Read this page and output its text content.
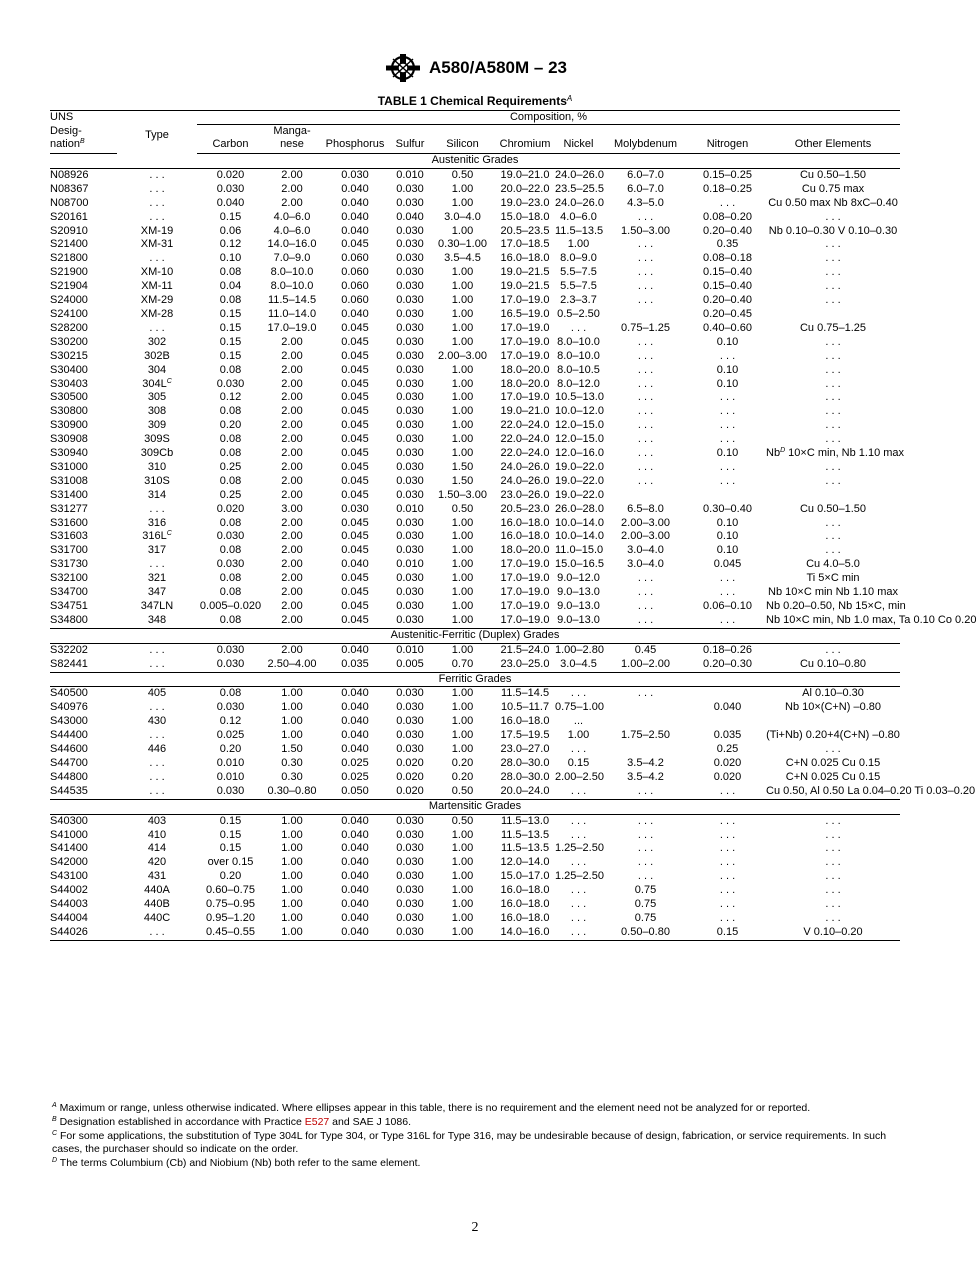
A580/A580M – 23
TABLE 1 Chemical Requirements$^A$
UNS	Type	Composition, %									
Desig-
nation$^B$		Carbon	Manga-
nese	Phosphorus	Sulfur	Silicon	Chromium	Nickel	Molybdenum	Nitrogen	Other Elements
Austenitic Grades											
N08926	. . .	0.020	2.00	0.030	0.010	0.50	19.0–21.0	24.0–26.0	6.0–7.0	0.15–0.25	Cu 0.50–1.50
N08367	. . .	0.030	2.00	0.040	0.030	1.00	20.0–22.0	23.5–25.5	6.0–7.0	0.18–0.25	Cu 0.75 max
N08700	. . .	0.040	2.00	0.040	0.030	1.00	19.0–23.0	24.0–26.0	4.3–5.0	. . .	Cu 0.50 max Nb 8xC–0.40
S20161	. . .	0.15	4.0–6.0	0.040	0.040	3.0–4.0	15.0–18.0	4.0–6.0	. . .	0.08–0.20	. . .
S20910	XM-19	0.06	4.0–6.0	0.040	0.030	1.00	20.5–23.5	11.5–13.5	1.50–3.00	0.20–0.40	Nb 0.10–0.30 V 0.10–0.30
S21400	XM-31	0.12	14.0–16.0	0.045	0.030	0.30–1.00	17.0–18.5	1.00	. . .	0.35	. . .
S21800	. . .	0.10	7.0–9.0	0.060	0.030	3.5–4.5	16.0–18.0	8.0–9.0	. . .	0.08–0.18	. . .
S21900	XM-10	0.08	8.0–10.0	0.060	0.030	1.00	19.0–21.5	5.5–7.5	. . .	0.15–0.40	. . .
S21904	XM-11	0.04	8.0–10.0	0.060	0.030	1.00	19.0–21.5	5.5–7.5	. . .	0.15–0.40	. . .
S24000	XM-29	0.08	11.5–14.5	0.060	0.030	1.00	17.0–19.0	2.3–3.7	. . .	0.20–0.40	. . .
S24100	XM-28	0.15	11.0–14.0	0.040	0.030	1.00	16.5–19.0	0.5–2.50		0.20–0.45	
S28200	. . .	0.15	17.0–19.0	0.045	0.030	1.00	17.0–19.0	. . .	0.75–1.25	0.40–0.60	Cu 0.75–1.25
S30200	302	0.15	2.00	0.045	0.030	1.00	17.0–19.0	8.0–10.0	. . .	0.10	. . .
S30215	302B	0.15	2.00	0.045	0.030	2.00–3.00	17.0–19.0	8.0–10.0	. . .	. . .	. . .
S30400	304	0.08	2.00	0.045	0.030	1.00	18.0–20.0	8.0–10.5	. . .	0.10	. . .
S30403	$304L^C$	0.030	2.00	0.045	0.030	1.00	18.0–20.0	8.0–12.0	. . .	0.10	. . .
S30500	305	0.12	2.00	0.045	0.030	1.00	17.0–19.0	10.5–13.0	. . .	. . .	. . .
S30800	308	0.08	2.00	0.045	0.030	1.00	19.0–21.0	10.0–12.0	. . .	. . .	. . .
S30900	309	0.20	2.00	0.045	0.030	1.00	22.0–24.0	12.0–15.0	. . .	. . .	. . .
S30908	309S	0.08	2.00	0.045	0.030	1.00	22.0–24.0	12.0–15.0	. . .	. . .	. . .
S30940	309Cb	0.08	2.00	0.045	0.030	1.00	22.0–24.0	12.0–16.0	. . .	0.10	$Nb^D$ 10×C min, Nb 1.10 max
S31000	310	0.25	2.00	0.045	0.030	1.50	24.0–26.0	19.0–22.0	. . .	. . .	. . .
S31008	310S	0.08	2.00	0.045	0.030	1.50	24.0–26.0	19.0–22.0	. . .	. . .	. . .
S31400	314	0.25	2.00	0.045	0.030	1.50–3.00	23.0–26.0	19.0–22.0			
S31277	. . .	0.020	3.00	0.030	0.010	0.50	20.5–23.0	26.0–28.0	6.5–8.0	0.30–0.40	Cu 0.50–1.50
S31600	316	0.08	2.00	0.045	0.030	1.00	16.0–18.0	10.0–14.0	2.00–3.00	0.10	. . .
S31603	$316L^C$	0.030	2.00	0.045	0.030	1.00	16.0–18.0	10.0–14.0	2.00–3.00	0.10	. . .
S31700	317	0.08	2.00	0.045	0.030	1.00	18.0–20.0	11.0–15.0	3.0–4.0	0.10	. . .
S31730	. . .	0.030	2.00	0.040	0.010	1.00	17.0–19.0	15.0–16.5	3.0–4.0	0.045	Cu 4.0–5.0
S32100	321	0.08	2.00	0.045	0.030	1.00	17.0–19.0	9.0–12.0	. . .	. . .	Ti 5×C min
S34700	347	0.08	2.00	0.045	0.030	1.00	17.0–19.0	9.0–13.0	. . .	. . .	Nb 10×C min Nb 1.10 max
S34751	347LN	0.005–0.020	2.00	0.045	0.030	1.00	17.0–19.0	9.0–13.0	. . .	0.06–0.10	Nb 0.20–0.50, Nb 15×C, min
S34800	348	0.08	2.00	0.045	0.030	1.00	17.0–19.0	9.0–13.0	. . .	. . .	Nb 10×C min, Nb 1.0 max, Ta 0.10 Co 0.20
Austenitic-Ferritic (Duplex) Grades											
S32202	. . .	0.030	2.00	0.040	0.010	1.00	21.5–24.0	1.00–2.80	0.45	0.18–0.26	. . .
S82441	. . .	0.030	2.50–4.00	0.035	0.005	0.70	23.0–25.0	3.0–4.5	1.00–2.00	0.20–0.30	Cu 0.10–0.80
Ferritic Grades											
S40500	405	0.08	1.00	0.040	0.030	1.00	11.5–14.5	. . .	. . .		Al 0.10–0.30
S40976	. . .	0.030	1.00	0.040	0.030	1.00	10.5–11.7	0.75–1.00		0.040	Nb 10×(C+N) –0.80
S43000	430	0.12	1.00	0.040	0.030	1.00	16.0–18.0	...			
S44400	. . .	0.025	1.00	0.040	0.030	1.00	17.5–19.5	1.00	1.75–2.50	0.035	(Ti+Nb) 0.20+4(C+N) –0.80
S44600	446	0.20	1.50	0.040	0.030	1.00	23.0–27.0	. . .		0.25	. . .
S44700	. . .	0.010	0.30	0.025	0.020	0.20	28.0–30.0	0.15	3.5–4.2	0.020	C+N 0.025 Cu 0.15
S44800	. . .	0.010	0.30	0.025	0.020	0.20	28.0–30.0	2.00–2.50	3.5–4.2	0.020	C+N 0.025 Cu 0.15
S44535	. . .	0.030	0.30–0.80	0.050	0.020	0.50	20.0–24.0	. . .	. . .	. . .	Cu 0.50, Al 0.50 La 0.04–0.20 Ti 0.03–0.20
Martensitic Grades											
S40300	403	0.15	1.00	0.040	0.030	0.50	11.5–13.0	. . .	. . .	. . .	. . .
S41000	410	0.15	1.00	0.040	0.030	1.00	11.5–13.5	. . .	. . .	. . .	. . .
S41400	414	0.15	1.00	0.040	0.030	1.00	11.5–13.5	1.25–2.50	. . .	. . .	. . .
S42000	420	over 0.15	1.00	0.040	0.030	1.00	12.0–14.0	. . .	. . .	. . .	. . .
S43100	431	0.20	1.00	0.040	0.030	1.00	15.0–17.0	1.25–2.50	. . .	. . .	. . .
S44002	440A	0.60–0.75	1.00	0.040	0.030	1.00	16.0–18.0	. . .	0.75	. . .	. . .
S44003	440B	0.75–0.95	1.00	0.040	0.030	1.00	16.0–18.0	. . .	0.75	. . .	. . .
S44004	440C	0.95–1.20	1.00	0.040	0.030	1.00	16.0–18.0	. . .	0.75	. . .	. . .
S44026	. . .	0.45–0.55	1.00	0.040	0.030	1.00	14.0–16.0	. . .	0.50–0.80	0.15	V 0.10–0.20

$^A$ Maximum or range, unless otherwise indicated. Where ellipses appear in this table, there is no requirement and the element need not be analyzed for or reported.

$^B$ Designation established in accordance with Practice E527 and SAE J 1086.

$^C$ For some applications, the substitution of Type 304L for Type 304, or Type 316L for Type 316, may be undesirable because of design, fabrication, or service requirements. In such cases, the purchaser should so indicate on the order.

$^D$ The terms Columbium (Cb) and Niobium (Nb) both refer to the same element.

2
